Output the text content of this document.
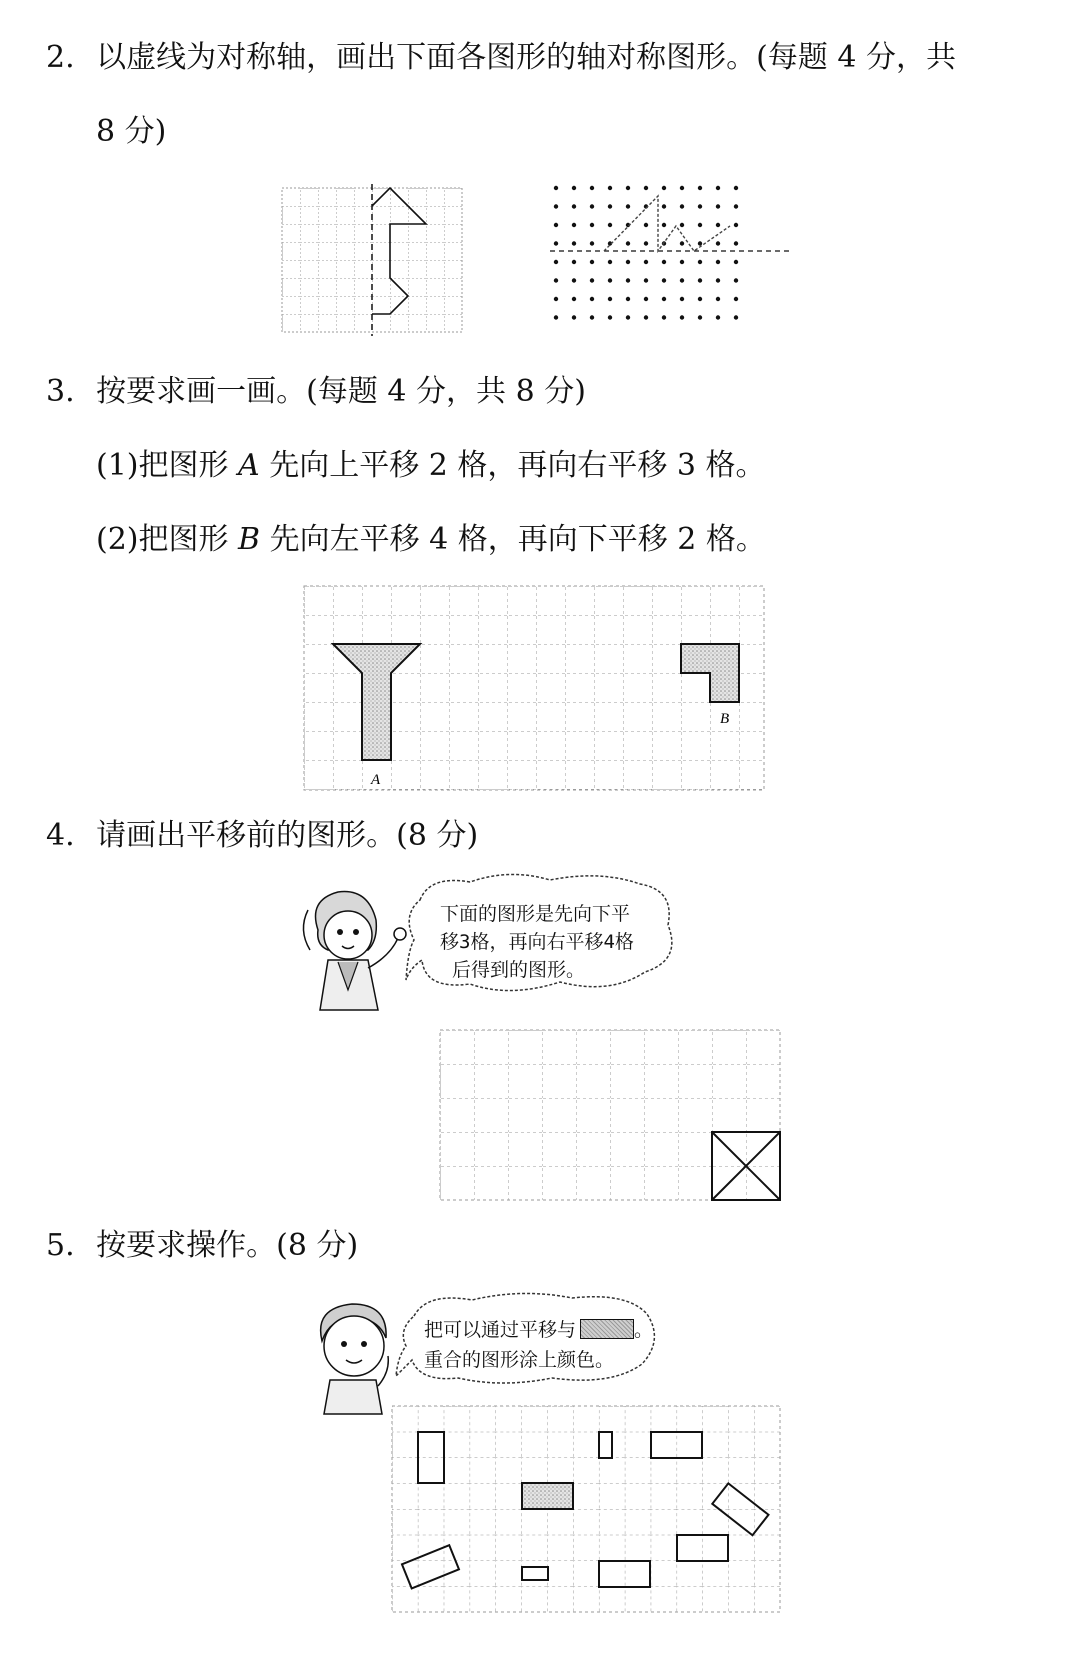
2. 以虚线为对称轴，画出下面各图形的轴对称图形。(每题 4 分，共
8 分)
3. 按要求画一画。(每题 4 分，共 8 分)
(1)把图形 A 先向上平移 2 格，再向右平移 3 格。
(2)把图形 B 先向左平移 4 格，再向下平移 2 格。
A
B
4. 请画出平移前的图形。(8 分)
下面的图形是先向下平
移3格，再向右平移4格
后得到的图形。
5. 按要求操作。(8 分)
把可以通过平移与	。
重合的图形涂上颜色。
